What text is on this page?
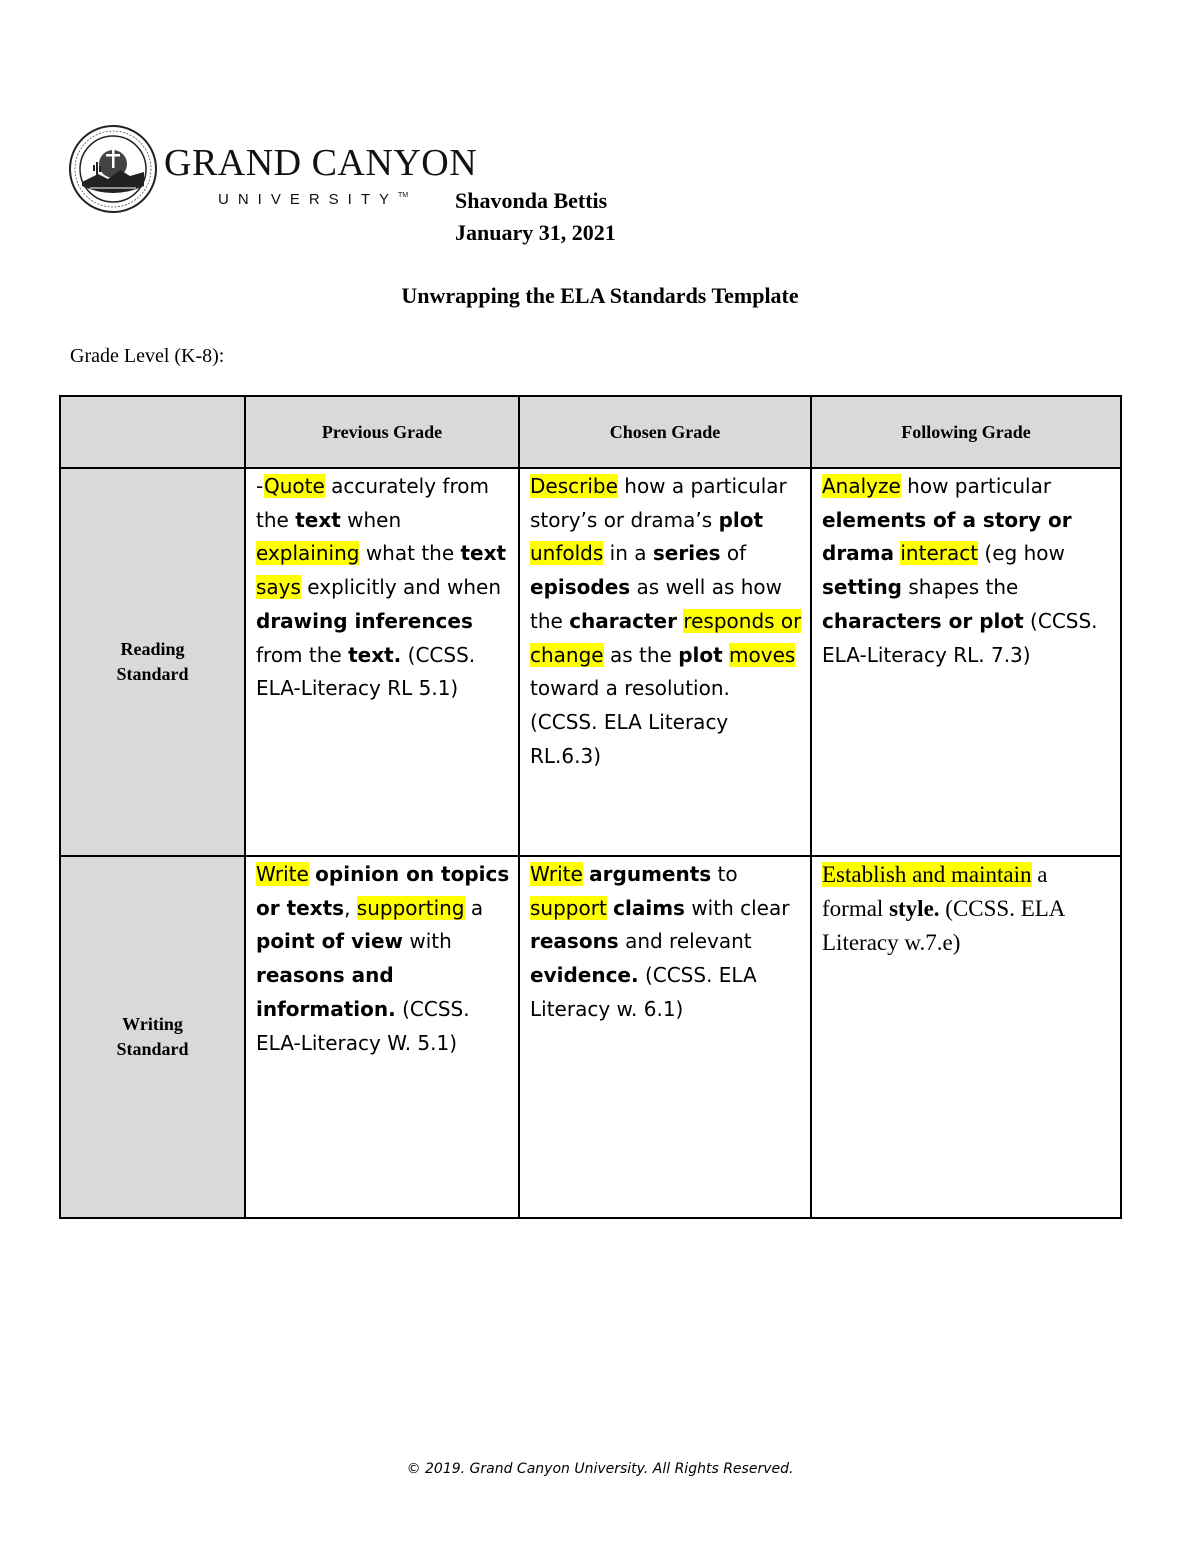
GRAND CANYON
UNIVERSITY™ Shavonda Bettis
January 31, 2021
Unwrapping the ELA Standards Template
Grade Level (K-8):
	Previous Grade	Chosen Grade	Following Grade
Reading
Standard	-Quote accurately from the text when explaining what the text says explicitly and when drawing inferences from the text. (CCSS. ELA-Literacy RL 5.1)	Describe how a particular story’s or drama’s plot unfolds in a series of episodes as well as how the character responds or change as the plot moves toward a resolution. (CCSS. ELA Literacy RL.6.3)	Analyze how particular elements of a story or drama interact (eg how setting shapes the characters or plot (CCSS. ELA-Literacy RL. 7.3)
Writing
Standard	Write opinion on topics or texts, supporting a point of view with reasons and information. (CCSS. ELA-Literacy W. 5.1)	Write arguments to support claims with clear reasons and relevant evidence. (CCSS. ELA Literacy w. 6.1)	Establish and maintain a formal style. (CCSS. ELA Literacy w.7.e)
© 2019. Grand Canyon University. All Rights Reserved.
